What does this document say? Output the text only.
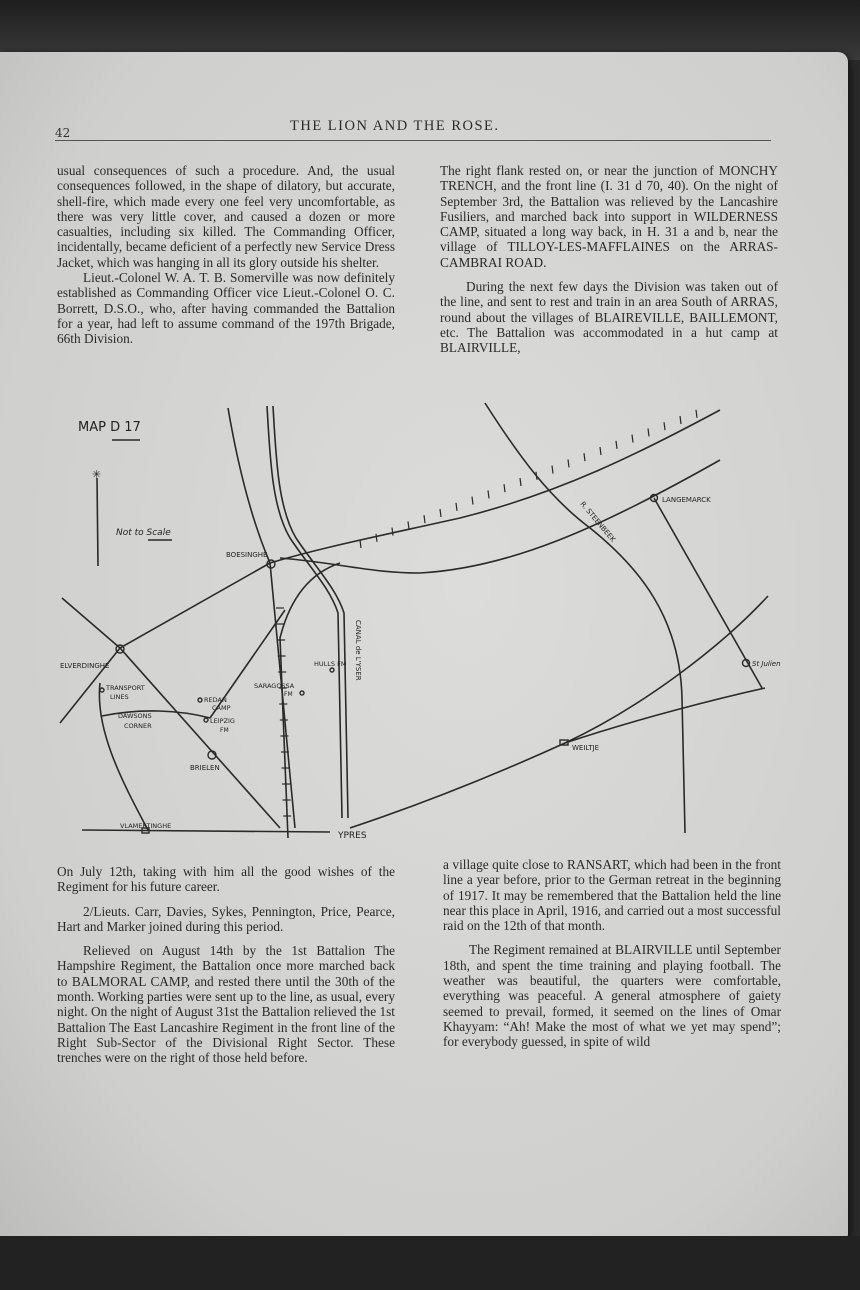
42	THE LION AND THE ROSE.

usual consequences of such a procedure. And, the usual consequences followed, in the shape of dilatory, but accurate, shell-fire, which made every one feel very uncomfortable, as there was very little cover, and caused a dozen or more casualties, including six killed. The Commanding Officer, incidentally, became deficient of a perfectly new Service Dress Jacket, which was hanging in all its glory outside his shelter.

Lieut.-Colonel W. A. T. B. Somerville was now definitely established as Commanding Officer vice Lieut.-Colonel O. C. Borrett, D.S.O., who, after having commanded the Battalion for a year, had left to assume command of the 197th Brigade, 66th Division.

The right flank rested on, or near the junction of MONCHY TRENCH, and the front line (I. 31 d 70, 40). On the night of September 3rd, the Battalion was relieved by the Lancashire Fusiliers, and marched back into support in WILDERNESS CAMP, situated a long way back, in H. 31 a and b, near the village of TILLOY-LES-MAFFLAINES on the ARRAS-CAMBRAI ROAD.

During the next few days the Division was taken out of the line, and sent to rest and train in an area South of ARRAS, round about the villages of BLAIREVILLE, BAILLEMONT, etc. The Battalion was accommodated in a hut camp at BLAIRVILLE,

✳
MAP D 17
Not to Scale
BOESINGHE
LANGEMARCK
ELVERDINGHE
TRANSPORT
LINES	REDAN
CAMP
DAWSONS
CORNER
LEIPZIG
FM
HULLS FM
SARAGOSSA
FM
BRIELEN
VLAMERTINGHE
YPRES
CANAL de L'YSER
R. STEENBEEK
St Julien
WEILTJE

On July 12th, taking with him all the good wishes of the Regiment for his future career.

2/Lieuts. Carr, Davies, Sykes, Pennington, Price, Pearce, Hart and Marker joined during this period.

Relieved on August 14th by the 1st Battalion The Hampshire Regiment, the Battalion once more marched back to BALMORAL CAMP, and rested there until the 30th of the month. Working parties were sent up to the line, as usual, every night. On the night of August 31st the Battalion relieved the 1st Battalion The East Lancashire Regiment in the front line of the Right Sub-Sector of the Divisional Right Sector. These trenches were on the right of those held before.

a village quite close to RANSART, which had been in the front line a year before, prior to the German retreat in the beginning of 1917. It may be remembered that the Battalion held the line near this place in April, 1916, and carried out a most successful raid on the 12th of that month.

The Regiment remained at BLAIRVILLE until September 18th, and spent the time training and playing football. The weather was beautiful, the quarters were comfortable, everything was peaceful. A general atmosphere of gaiety seemed to prevail, formed, it seemed on the lines of Omar Khayyam: “Ah! Make the most of what we yet may spend”; for everybody guessed, in spite of wild
